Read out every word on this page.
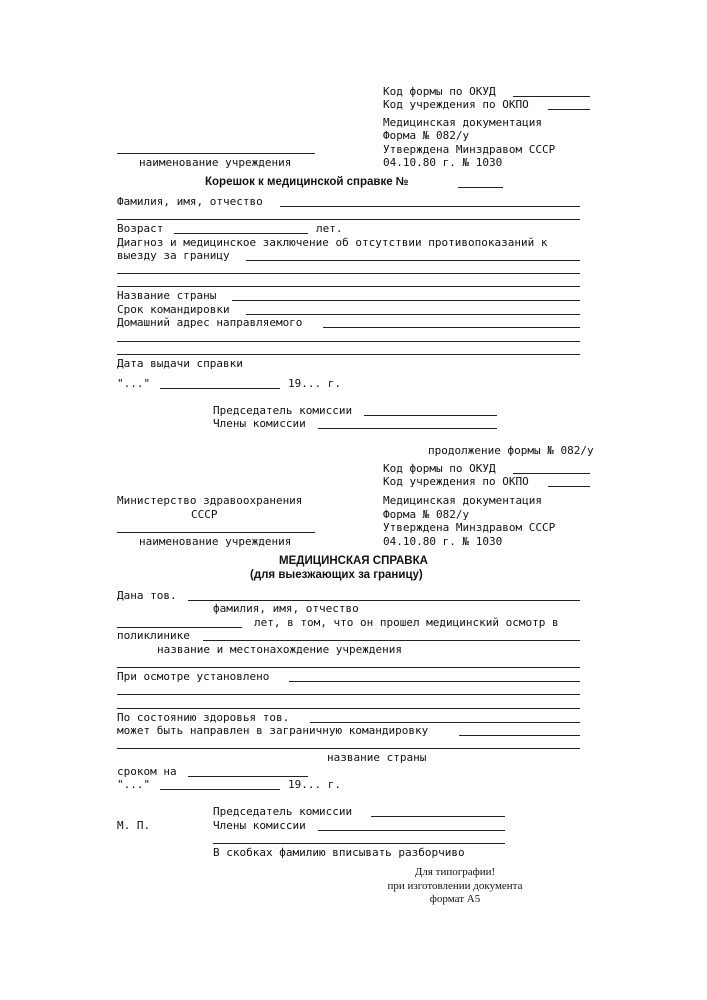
Код формы по ОКУД
Код учреждения по ОКПО
Медицинская документация
Форма № 082/у
Утверждена Минздравом СССР
04.10.80 г. № 1030
наименование учреждения
Корешок к медицинской справке №
Фамилия, имя, отчество
Возраст	лет.
Диагноз и медицинское заключение об отсутствии противопоказаний к
выезду за границу
Название страны
Срок командировки
Домашний адрес направляемого
Дата выдачи справки
"..."	19... г.
Председатель комиссии
Члены комиссии
продолжение формы № 082/у
Код формы по ОКУД
Код учреждения по ОКПО
Министерство здравоохранения
СССР
Медицинская документация
Форма № 082/у
Утверждена Минздравом СССР
04.10.80 г. № 1030
наименование учреждения
МЕДИЦИНСКАЯ СПРАВКА
(для выезжающих за границу)
Дана тов.
фамилия, имя, отчество
лет, в том, что он прошел медицинский осмотр в
поликлинике
название и местонахождение учреждения
При осмотре установлено
По состоянию здоровья тов.
может быть направлен в заграничную командировку
название страны
сроком на
"..."	19... г.
Председатель комиссии
М. П.	Члены комиссии
В скобках фамилию вписывать разборчиво
Для типографии!
при изготовлении документа
формат А5
